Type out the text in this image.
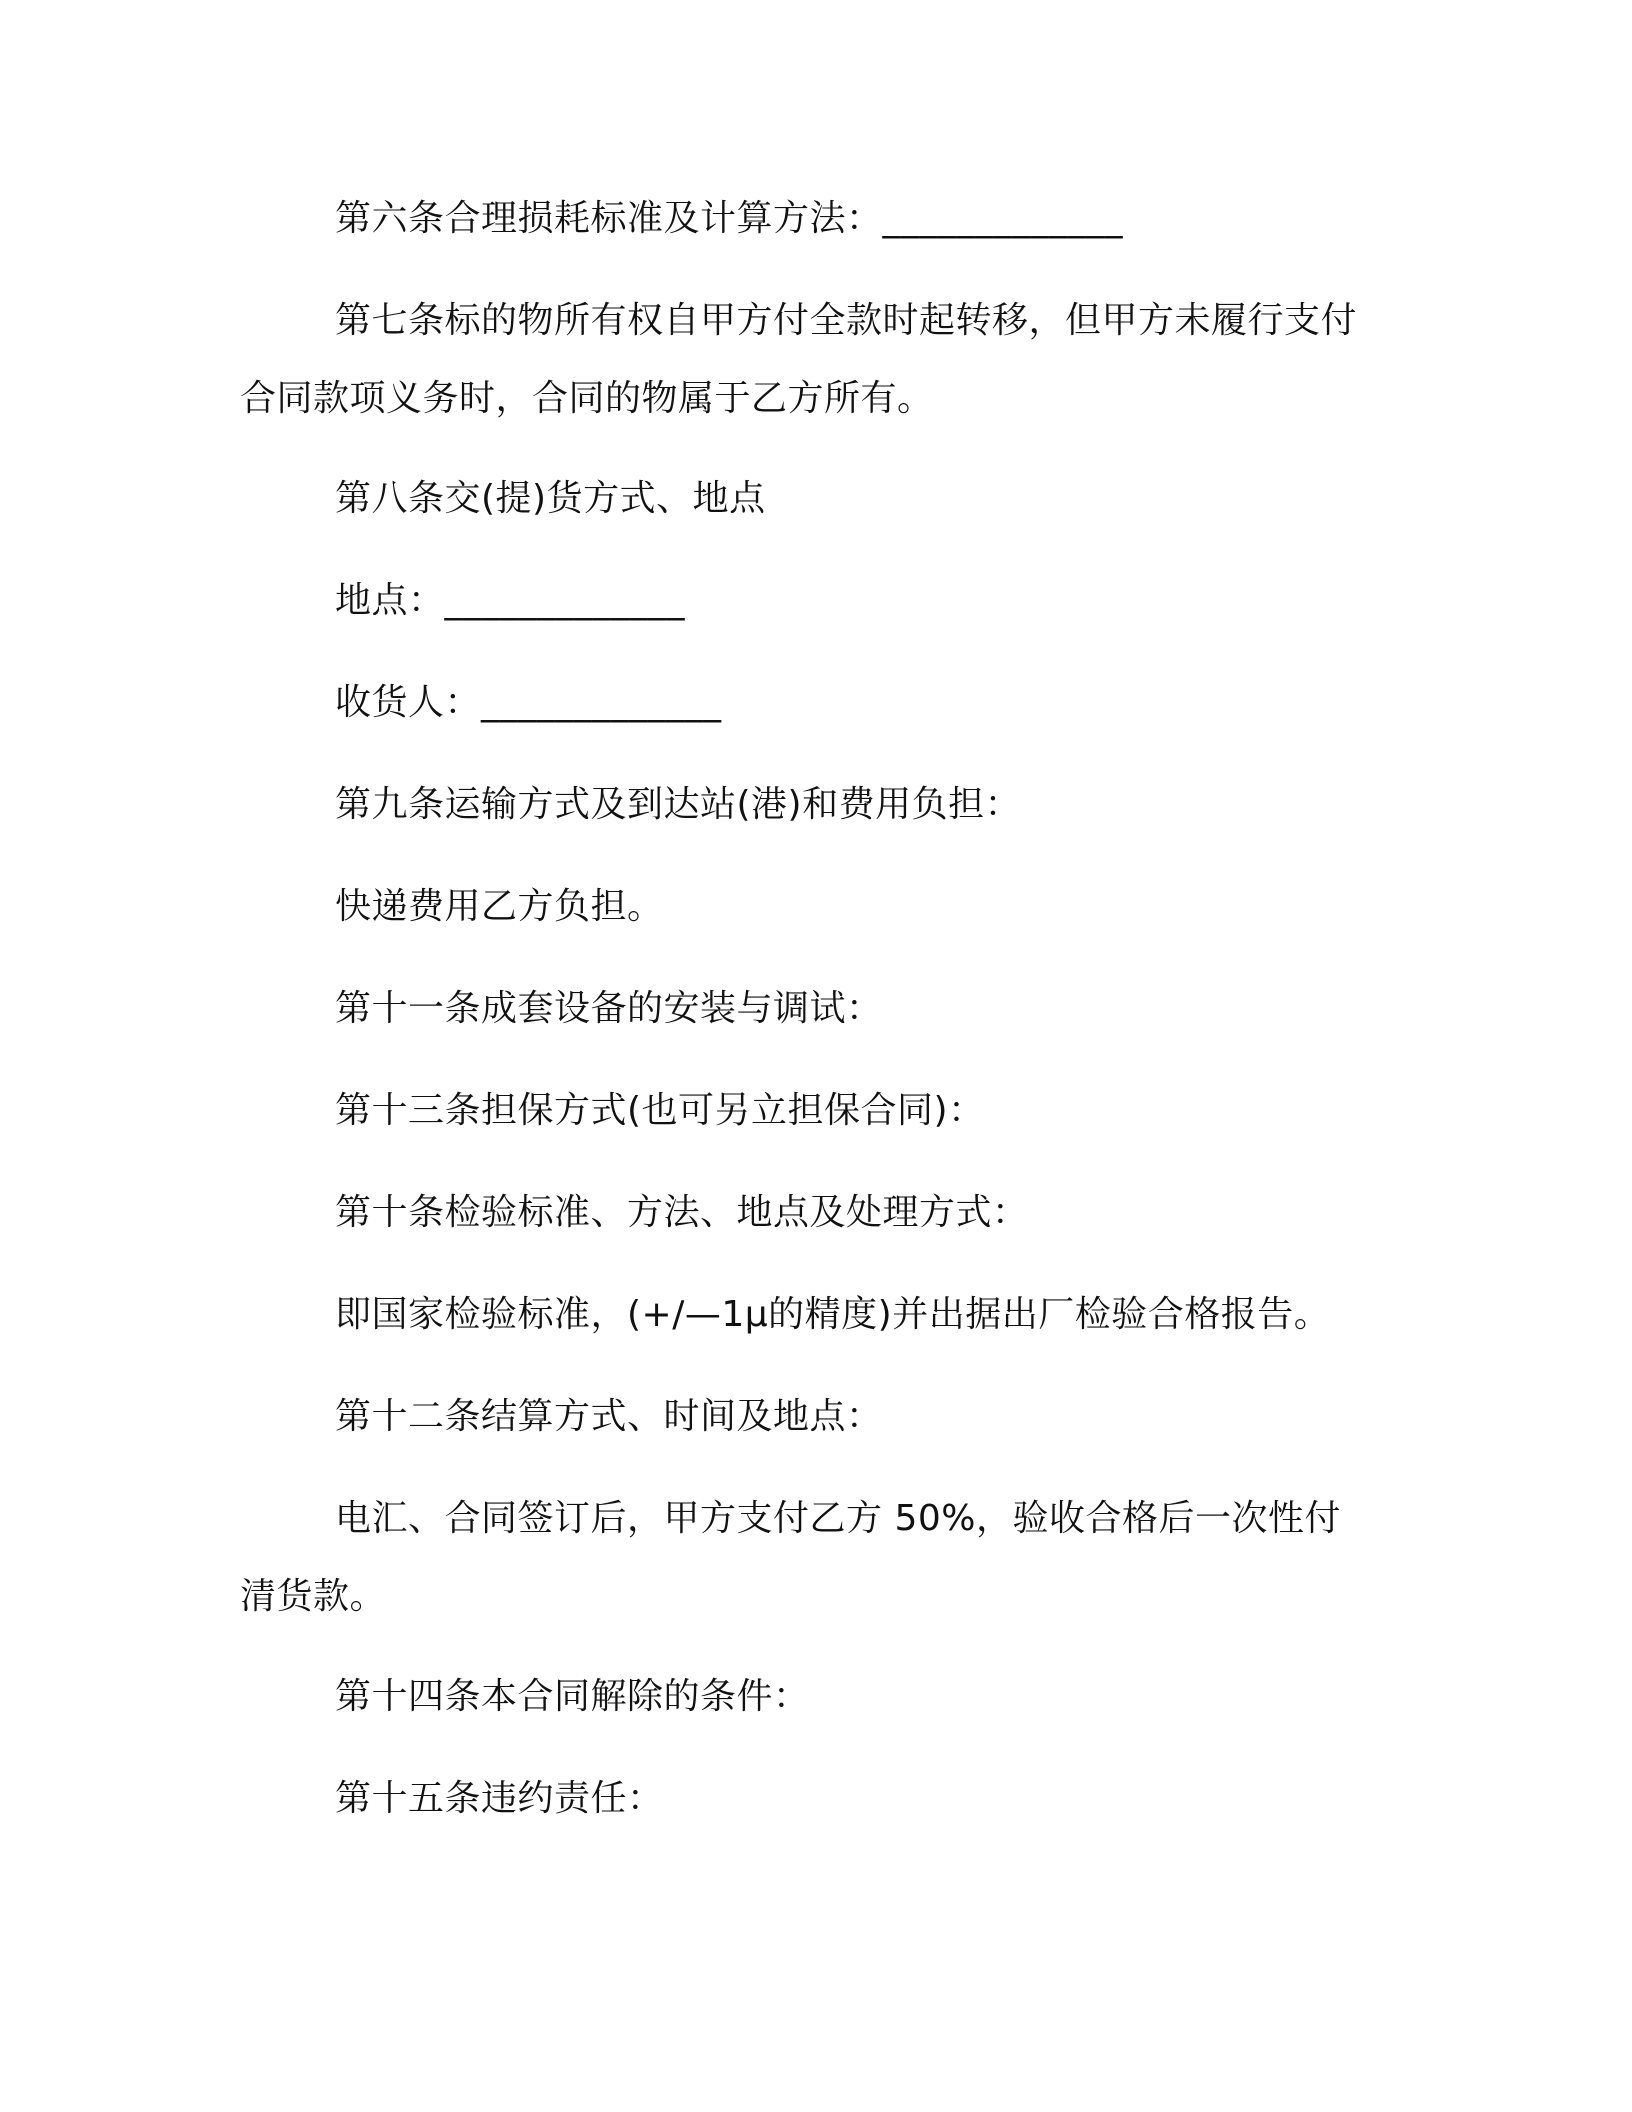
第六条合理损耗标准及计算方法：_____________
第七条标的物所有权自甲方付全款时起转移，但甲方未履行支付
合同款项义务时，合同的物属于乙方所有。
第八条交(提)货方式、地点
地点：_____________
收货人：_____________
第九条运输方式及到达站(港)和费用负担：
快递费用乙方负担。
第十一条成套设备的安装与调试：
第十三条担保方式(也可另立担保合同)：
第十条检验标准、方法、地点及处理方式：
即国家检验标准，(+/—1μ的精度)并出据出厂检验合格报告。
第十二条结算方式、时间及地点：
电汇、合同签订后，甲方支付乙方 50%，验收合格后一次性付
清货款。
第十四条本合同解除的条件：
第十五条违约责任：
